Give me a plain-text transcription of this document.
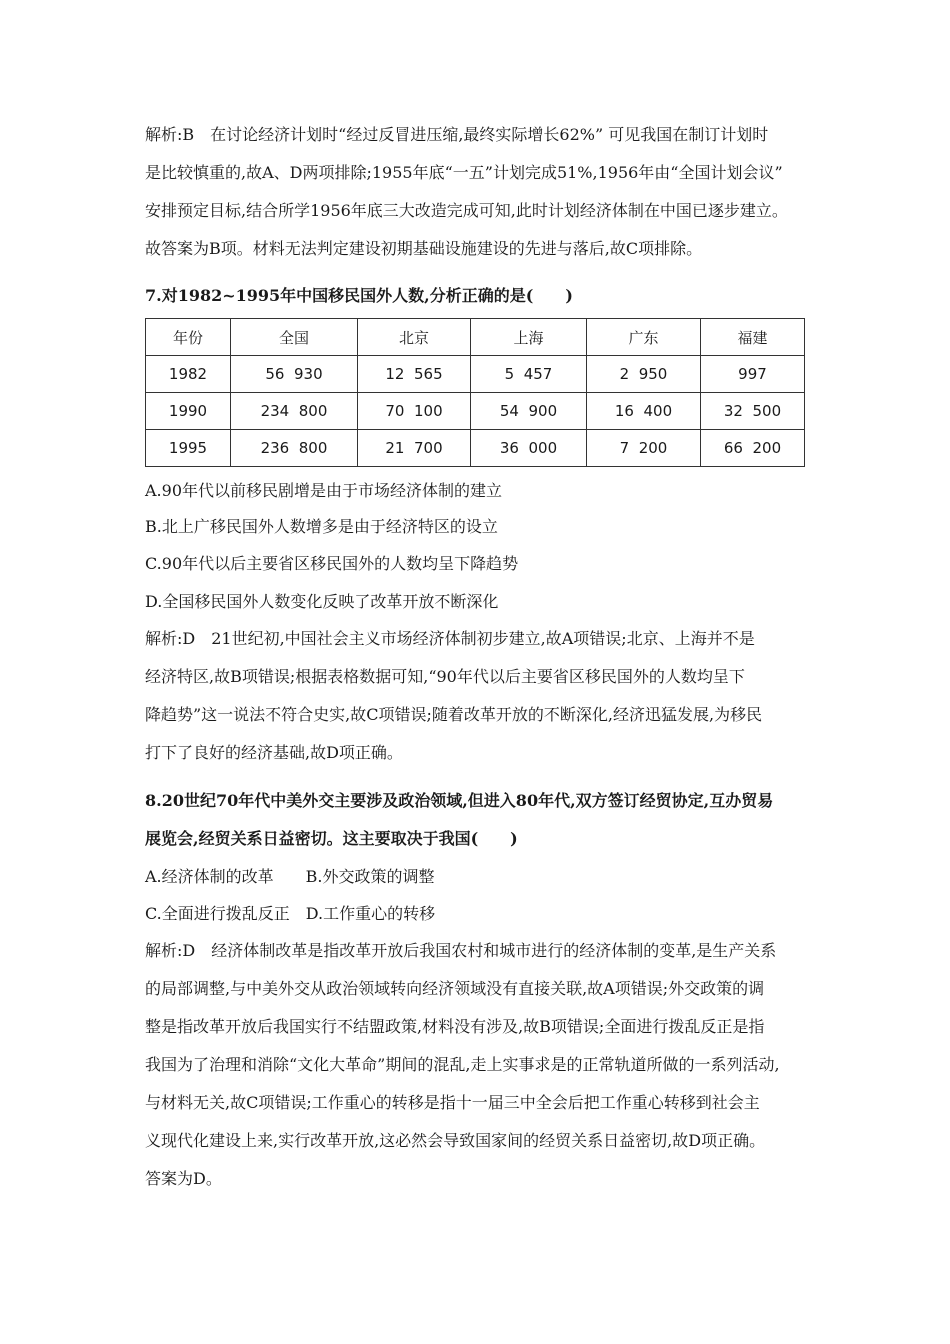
解析:B　在讨论经济计划时“经过反冒进压缩,最终实际增长62%” 可见我国在制订计划时
是比较慎重的,故A、D两项排除;1955年底“一五”计划完成51%,1956年由“全国计划会议”
安排预定目标,结合所学1956年底三大改造完成可知,此时计划经济体制在中国已逐步建立。
故答案为B项。材料无法判定建设初期基础设施建设的先进与落后,故C项排除。
7.对1982~1995年中国移民国外人数,分析正确的是(　　)
年份	全国	北京	上海	广东	福建
1982	56  930	12  565	5  457	2  950	997
1990	234  800	70  100	54  900	16  400	32  500
1995	236  800	21  700	36  000	7  200	66  200
A.90年代以前移民剧增是由于市场经济体制的建立
B.北上广移民国外人数增多是由于经济特区的设立
C.90年代以后主要省区移民国外的人数均呈下降趋势
D.全国移民国外人数变化反映了改革开放不断深化
解析:D　21世纪初,中国社会主义市场经济体制初步建立,故A项错误;北京、上海并不是
经济特区,故B项错误;根据表格数据可知,“90年代以后主要省区移民国外的人数均呈下
降趋势”这一说法不符合史实,故C项错误;随着改革开放的不断深化,经济迅猛发展,为移民
打下了良好的经济基础,故D项正确。
8.20世纪70年代中美外交主要涉及政治领域,但进入80年代,双方签订经贸协定,互办贸易
展览会,经贸关系日益密切。这主要取决于我国(　　)
A.经济体制的改革　　B.外交政策的调整
C.全面进行拨乱反正　D.工作重心的转移
解析:D　经济体制改革是指改革开放后我国农村和城市进行的经济体制的变革,是生产关系
的局部调整,与中美外交从政治领域转向经济领域没有直接关联,故A项错误;外交政策的调
整是指改革开放后我国实行不结盟政策,材料没有涉及,故B项错误;全面进行拨乱反正是指
我国为了治理和消除“文化大革命”期间的混乱,走上实事求是的正常轨道所做的一系列活动,
与材料无关,故C项错误;工作重心的转移是指十一届三中全会后把工作重心转移到社会主
义现代化建设上来,实行改革开放,这必然会导致国家间的经贸关系日益密切,故D项正确。
答案为D。
